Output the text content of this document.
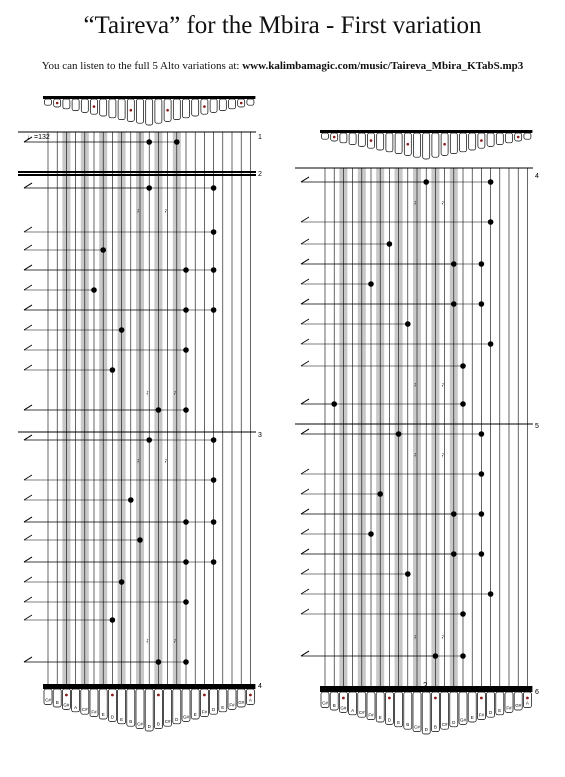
“Taireva” for the Mbira - First variation
You can listen to the full 5 Alto variations at: www.kalimbamagic.com/music/Taireva_Mbira_KTabS.mp3
𝄿	𝄿
𝄿	𝄿
𝄿	𝄿
𝄿	𝄿
C# B G# A C# F# E D E B C# D B C# D G# E F# D E F# G# A
♩=132	1
2
3
4
𝄿	𝄿
𝄿	𝄿
𝄿	𝄿
𝄿	𝄿
C# B G# A C# F# E D E B C# D B C# D G# E F# D E F# G# A
4
5
6
2
